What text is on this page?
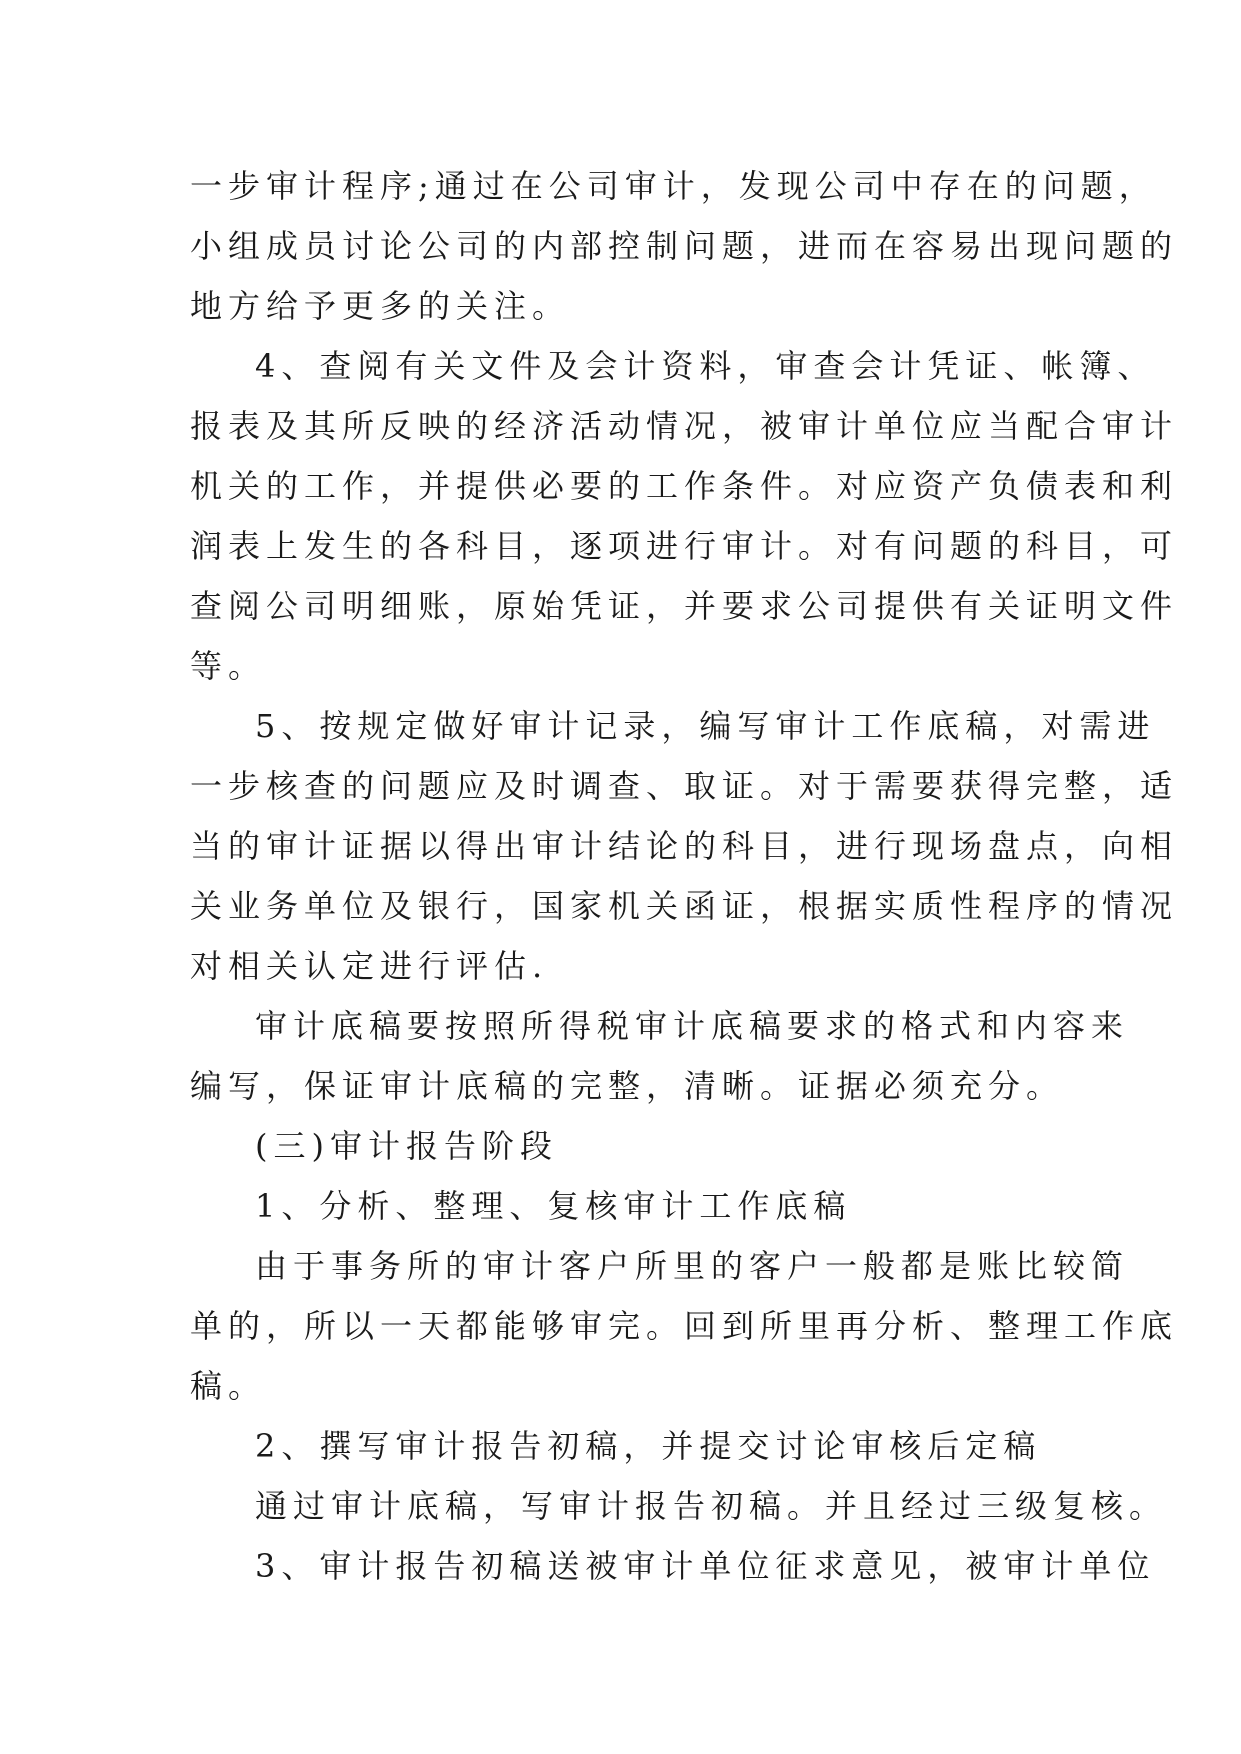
一步审计程序;通过在公司审计，发现公司中存在的问题，
小组成员讨论公司的内部控制问题，进而在容易出现问题的
地方给予更多的关注。
4、查阅有关文件及会计资料，审查会计凭证、帐簿、
报表及其所反映的经济活动情况，被审计单位应当配合审计
机关的工作，并提供必要的工作条件。对应资产负债表和利
润表上发生的各科目，逐项进行审计。对有问题的科目，可
查阅公司明细账，原始凭证，并要求公司提供有关证明文件
等。
5、按规定做好审计记录，编写审计工作底稿，对需进
一步核查的问题应及时调查、取证。对于需要获得完整，适
当的审计证据以得出审计结论的科目，进行现场盘点，向相
关业务单位及银行，国家机关函证，根据实质性程序的情况
对相关认定进行评估.
审计底稿要按照所得税审计底稿要求的格式和内容来
编写，保证审计底稿的完整，清晰。证据必须充分。
(三)审计报告阶段
1、分析、整理、复核审计工作底稿
由于事务所的审计客户所里的客户一般都是账比较简
单的，所以一天都能够审完。回到所里再分析、整理工作底
稿。
2、撰写审计报告初稿，并提交讨论审核后定稿
通过审计底稿，写审计报告初稿。并且经过三级复核。
3、审计报告初稿送被审计单位征求意见，被审计单位
